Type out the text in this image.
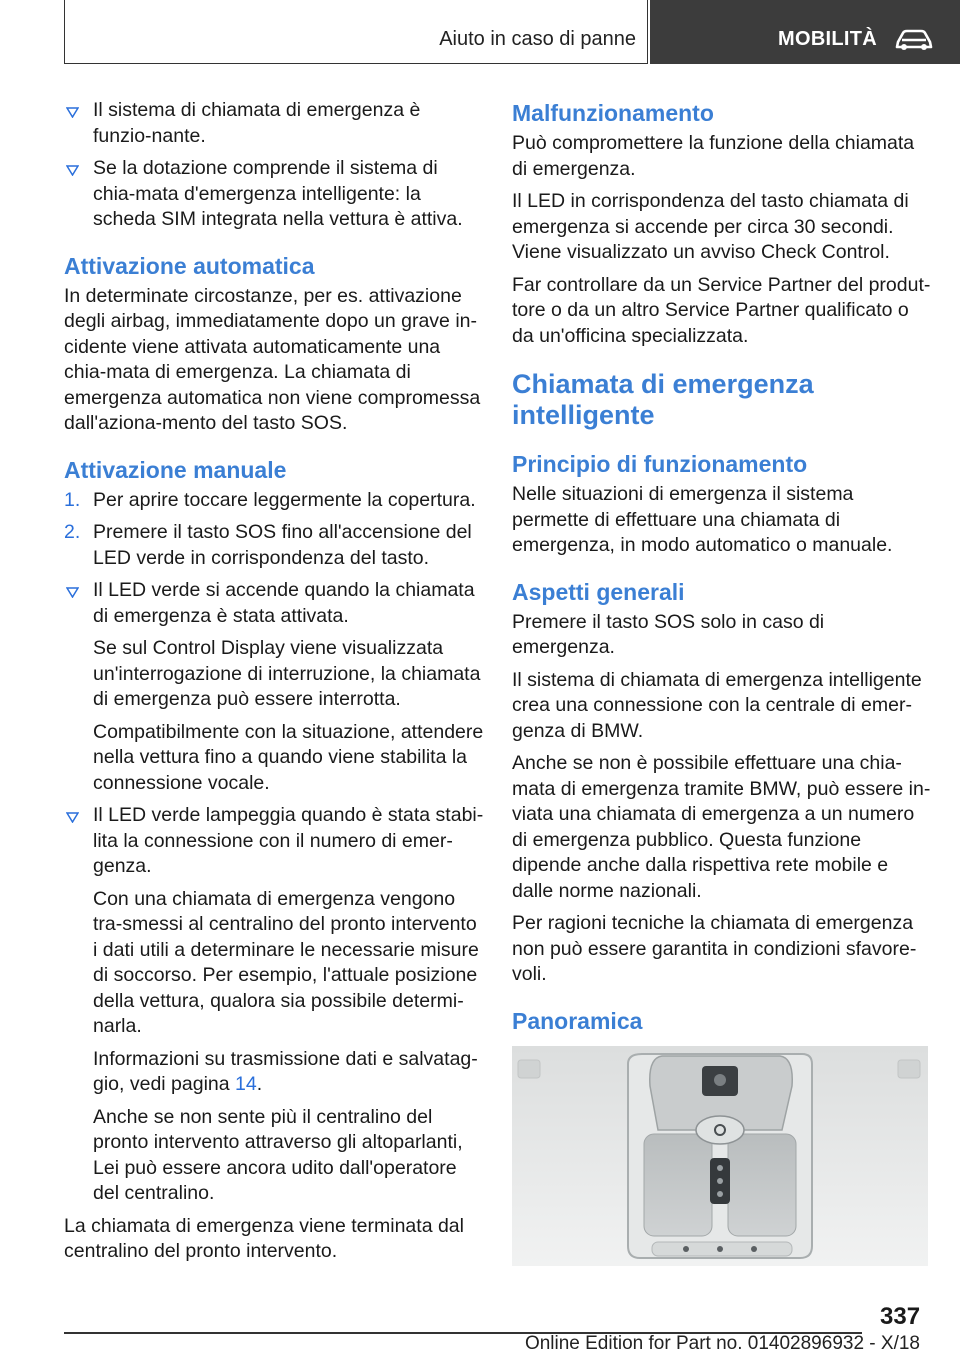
Aiuto in caso di panne	MOBILITÀ
Il sistema di chiamata di emergenza è funzio-nante.
Se la dotazione comprende il sistema di chia-mata d'emergenza intelligente: la scheda SIM integrata nella vettura è attiva.
Attivazione automatica

In determinate circostanze, per es. attivazione degli airbag, immediatamente dopo un grave in-cidente viene attivata automaticamente una chia-mata di emergenza. La chiamata di emergenza automatica non viene compromessa dall'aziona-mento del tasto SOS.

Attivazione manuale
1. Per aprire toccare leggermente la copertura.
2. Premere il tasto SOS fino all'accensione del LED verde in corrispondenza del tasto.
Il LED verde si accende quando la chiamata di emergenza è stata attivata.

Se sul Control Display viene visualizzata un'interrogazione di interruzione, la chiamata di emergenza può essere interrotta.

Compatibilmente con la situazione, attendere nella vettura fino a quando viene stabilita la connessione vocale.

Il LED verde lampeggia quando è stata stabi-lita la connessione con il numero di emer-genza.

Con una chiamata di emergenza vengono tra-smessi al centralino del pronto intervento i dati utili a determinare le necessarie misure di soccorso. Per esempio, l'attuale posizione della vettura, qualora sia possibile determi-narla.

Informazioni su trasmissione dati e salvatag-gio, vedi pagina 14.

Anche se non sente più il centralino del pronto intervento attraverso gli altoparlanti, Lei può essere ancora udito dall'operatore del centralino.

La chiamata di emergenza viene terminata dal centralino del pronto intervento.

Malfunzionamento

Può compromettere la funzione della chiamata di emergenza.

Il LED in corrispondenza del tasto chiamata di emergenza si accende per circa 30 secondi. Viene visualizzato un avviso Check Control.

Far controllare da un Service Partner del produt-tore o da un altro Service Partner qualificato o da un'officina specializzata.

Chiamata di emergenza intelligente
Principio di funzionamento

Nelle situazioni di emergenza il sistema permette di effettuare una chiamata di emergenza, in modo automatico o manuale.

Aspetti generali

Premere il tasto SOS solo in caso di emergenza.

Il sistema di chiamata di emergenza intelligente crea una connessione con la centrale di emer-genza di BMW.

Anche se non è possibile effettuare una chia-mata di emergenza tramite BMW, può essere in-viata una chiamata di emergenza a un numero di emergenza pubblico. Questa funzione dipende anche dalla rispettiva rete mobile e dalle norme nazionali.

Per ragioni tecniche la chiamata di emergenza non può essere garantita in condizioni sfavore-voli.

Panoramica
337
Online Edition for Part no. 01402896932 - X/18
